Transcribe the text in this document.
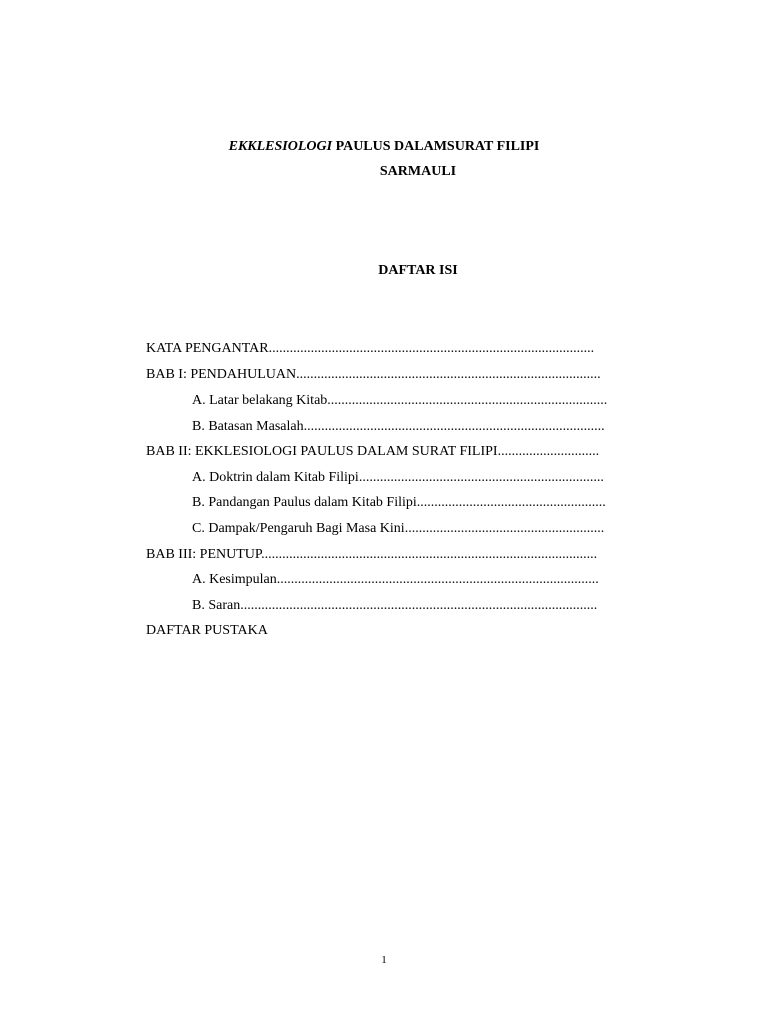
EKKLESIOLOGI PAULUS DALAMSURAT FILIPI
SARMAULI
DAFTAR ISI
KATA PENGANTAR.............................................................................................
BAB I: PENDAHULUAN.......................................................................................
A. Latar belakang Kitab................................................................................
B. Batasan Masalah......................................................................................
BAB II: EKKLESIOLOGI PAULUS DALAM SURAT FILIPI.............................
A. Doktrin dalam Kitab Filipi......................................................................
B. Pandangan Paulus dalam Kitab Filipi......................................................
C. Dampak/Pengaruh Bagi Masa Kini.........................................................
BAB III: PENUTUP................................................................................................
A. Kesimpulan............................................................................................
B. Saran......................................................................................................
DAFTAR PUSTAKA
1
